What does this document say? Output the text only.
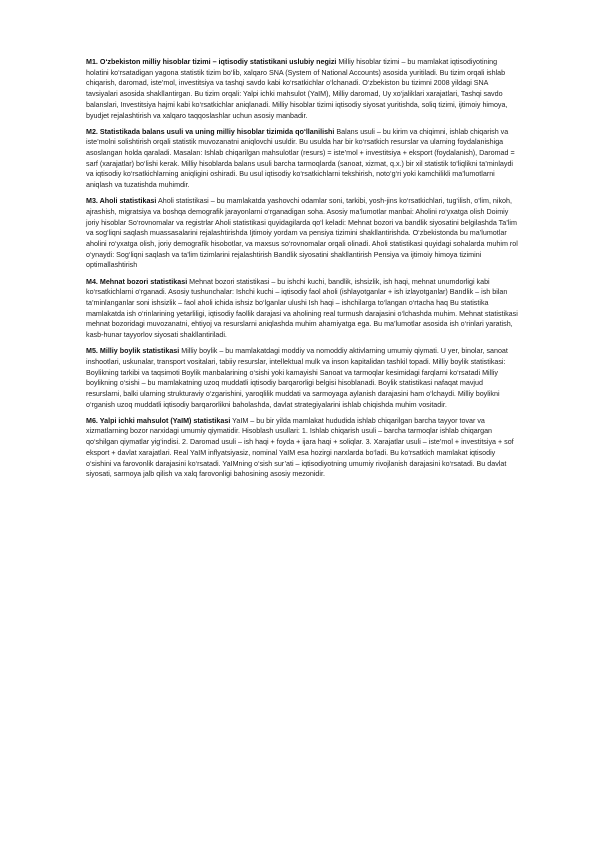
M1. O‘zbekiston milliy hisoblar tizimi – iqtisodiy statistikani uslubiy negizi Milliy hisoblar tizimi – bu mamlakat iqtisodiyotining holatini ko‘rsatadigan yagona statistik tizim bo‘lib, xalqaro SNA (System of National Accounts) asosida yuritiladi. Bu tizim orqali ishlab chiqarish, daromad, iste’mol, investitsiya va tashqi savdo kabi ko‘rsatkichlar o‘lchanadi. O‘zbekiston bu tizimni 2008 yildagi SNA tavsiyalari asosida shakllantirgan. Bu tizim orqali: Yalpi ichki mahsulot (YaIM), Milliy daromad, Uy xo‘jaliklari xarajatlari, Tashqi savdo balanslari, Investitsiya hajmi kabi ko‘rsatkichlar aniqlanadi. Milliy hisoblar tizimi iqtisodiy siyosat yuritishda, soliq tizimi, ijtimoiy himoya, byudjet rejalashtirish va xalqaro taqqoslashlar uchun asosiy manbadir.

M2. Statistikada balans usuli va uning milliy hisoblar tizimida qo‘llanilishi Balans usuli – bu kirim va chiqimni, ishlab chiqarish va iste’molni solishtirish orqali statistik muvozanatni aniqlovchi usuldir. Bu usulda har bir ko‘rsatkich resurslar va ularning foydalanishiga asoslangan holda qaraladi. Masalan: Ishlab chiqarilgan mahsulotlar (resurs) = iste’mol + investitsiya + eksport (foydalanish), Daromad = sarf (xarajatlar) bo‘lishi kerak. Milliy hisoblarda balans usuli barcha tarmoqlarda (sanoat, xizmat, q.x.) bir xil statistik to‘liqlikni ta’minlaydi va iqtisodiy ko‘rsatkichlarning aniqligini oshiradi. Bu usul iqtisodiy ko‘rsatkichlarni tekshirish, noto‘g‘ri yoki kamchilikli ma’lumotlarni aniqlash va tuzatishda muhimdir.

M3. Aholi statistikasi Aholi statistikasi – bu mamlakatda yashovchi odamlar soni, tarkibi, yosh-jins ko‘rsatkichlari, tug‘ilish, o‘lim, nikoh, ajrashish, migratsiya va boshqa demografik jarayonlarni o‘rganadigan soha. Asosiy ma’lumotlar manbai: Aholini ro‘yxatga olish Doimiy joriy hisoblar So‘rovnomalar va registrlar Aholi statistikasi quyidagilarda qo‘l keladi: Mehnat bozori va bandlik siyosatini belgilashda Ta’lim va sog‘liqni saqlash muassasalarini rejalashtirishda Ijtimoiy yordam va pensiya tizimini shakllantirishda. O‘zbekistonda bu ma’lumotlar aholini ro‘yxatga olish, joriy demografik hisobotlar, va maxsus so‘rovnomalar orqali olinadi. Aholi statistikasi quyidagi sohalarda muhim rol o‘ynaydi: Sog‘liqni saqlash va ta’lim tizimlarini rejalashtirish Bandlik siyosatini shakllantirish Pensiya va ijtimoiy himoya tizimini optimallashtirish

M4. Mehnat bozori statistikasi Mehnat bozori statistikasi – bu ishchi kuchi, bandlik, ishsizlik, ish haqi, mehnat unumdorligi kabi ko‘rsatkichlarni o‘rganadi. Asosiy tushunchalar: Ishchi kuchi – iqtisodiy faol aholi (ishlayotganlar + ish izlayotganlar) Bandlik – ish bilan ta’minlanganlar soni ishsizlik – faol aholi ichida ishsiz bo‘lganlar ulushi Ish haqi – ishchilarga to‘langan o‘rtacha haq Bu statistika mamlakatda ish o‘rinlarining yetarliligi, iqtisodiy faollik darajasi va aholining real turmush darajasini o‘lchashda muhim. Mehnat statistikasi mehnat bozoridagi muvozanatni, ehtiyoj va resurslarni aniqlashda muhim ahamiyatga ega. Bu ma’lumotlar asosida ish o‘rinlari yaratish, kasb-hunar tayyorlov siyosati shakllantiriladi.

M5. Milliy boylik statistikasi Milliy boylik – bu mamlakatdagi moddiy va nomoddiy aktivlarning umumiy qiymati. U yer, binolar, sanoat inshootlari, uskunalar, transport vositalari, tabiiy resurslar, intellektual mulk va inson kapitalidan tashkil topadi. Milliy boylik statistikasi: Boylikning tarkibi va taqsimoti Boylik manbalarining o‘sishi yoki kamayishi Sanoat va tarmoqlar kesimidagi farqlarni ko‘rsatadi Milliy boylikning o‘sishi – bu mamlakatning uzoq muddatli iqtisodiy barqarorligi belgisi hisoblanadi. Boylik statistikasi nafaqat mavjud resurslarni, balki ularning strukturaviy o‘zgarishini, yaroqlilik muddati va sarmoyaga aylanish darajasini ham o‘lchaydi. Milliy boylikni o‘rganish uzoq muddatli iqtisodiy barqarorlikni baholashda, davlat strategiyalarini ishlab chiqishda muhim vositadir.

M6. Yalpi ichki mahsulot (YaIM) statistikasi YaIM – bu bir yilda mamlakat hududida ishlab chiqarilgan barcha tayyor tovar va xizmatlarning bozor narxidagi umumiy qiymatidir. Hisoblash usullari: 1. Ishlab chiqarish usuli – barcha tarmoqlar ishlab chiqargan qo‘shilgan qiymatlar yig‘indisi. 2. Daromad usuli – ish haqi + foyda + ijara haqi + soliqlar. 3. Xarajatlar usuli – iste’mol + investitsiya + sof eksport + davlat xarajatlari. Real YaIM inflyatsiyasiz, nominal YaIM esa hozirgi narxlarda bo‘ladi. Bu ko‘rsatkich mamlakat iqtisodiy o‘sishini va farovonlik darajasini ko‘rsatadi. YaIMning o‘sish sur’ati – iqtisodiyotning umumiy rivojlanish darajasini ko‘rsatadi. Bu davlat siyosati, sarmoya jalb qilish va xalq farovonligi bahosining asosiy mezonidir.
